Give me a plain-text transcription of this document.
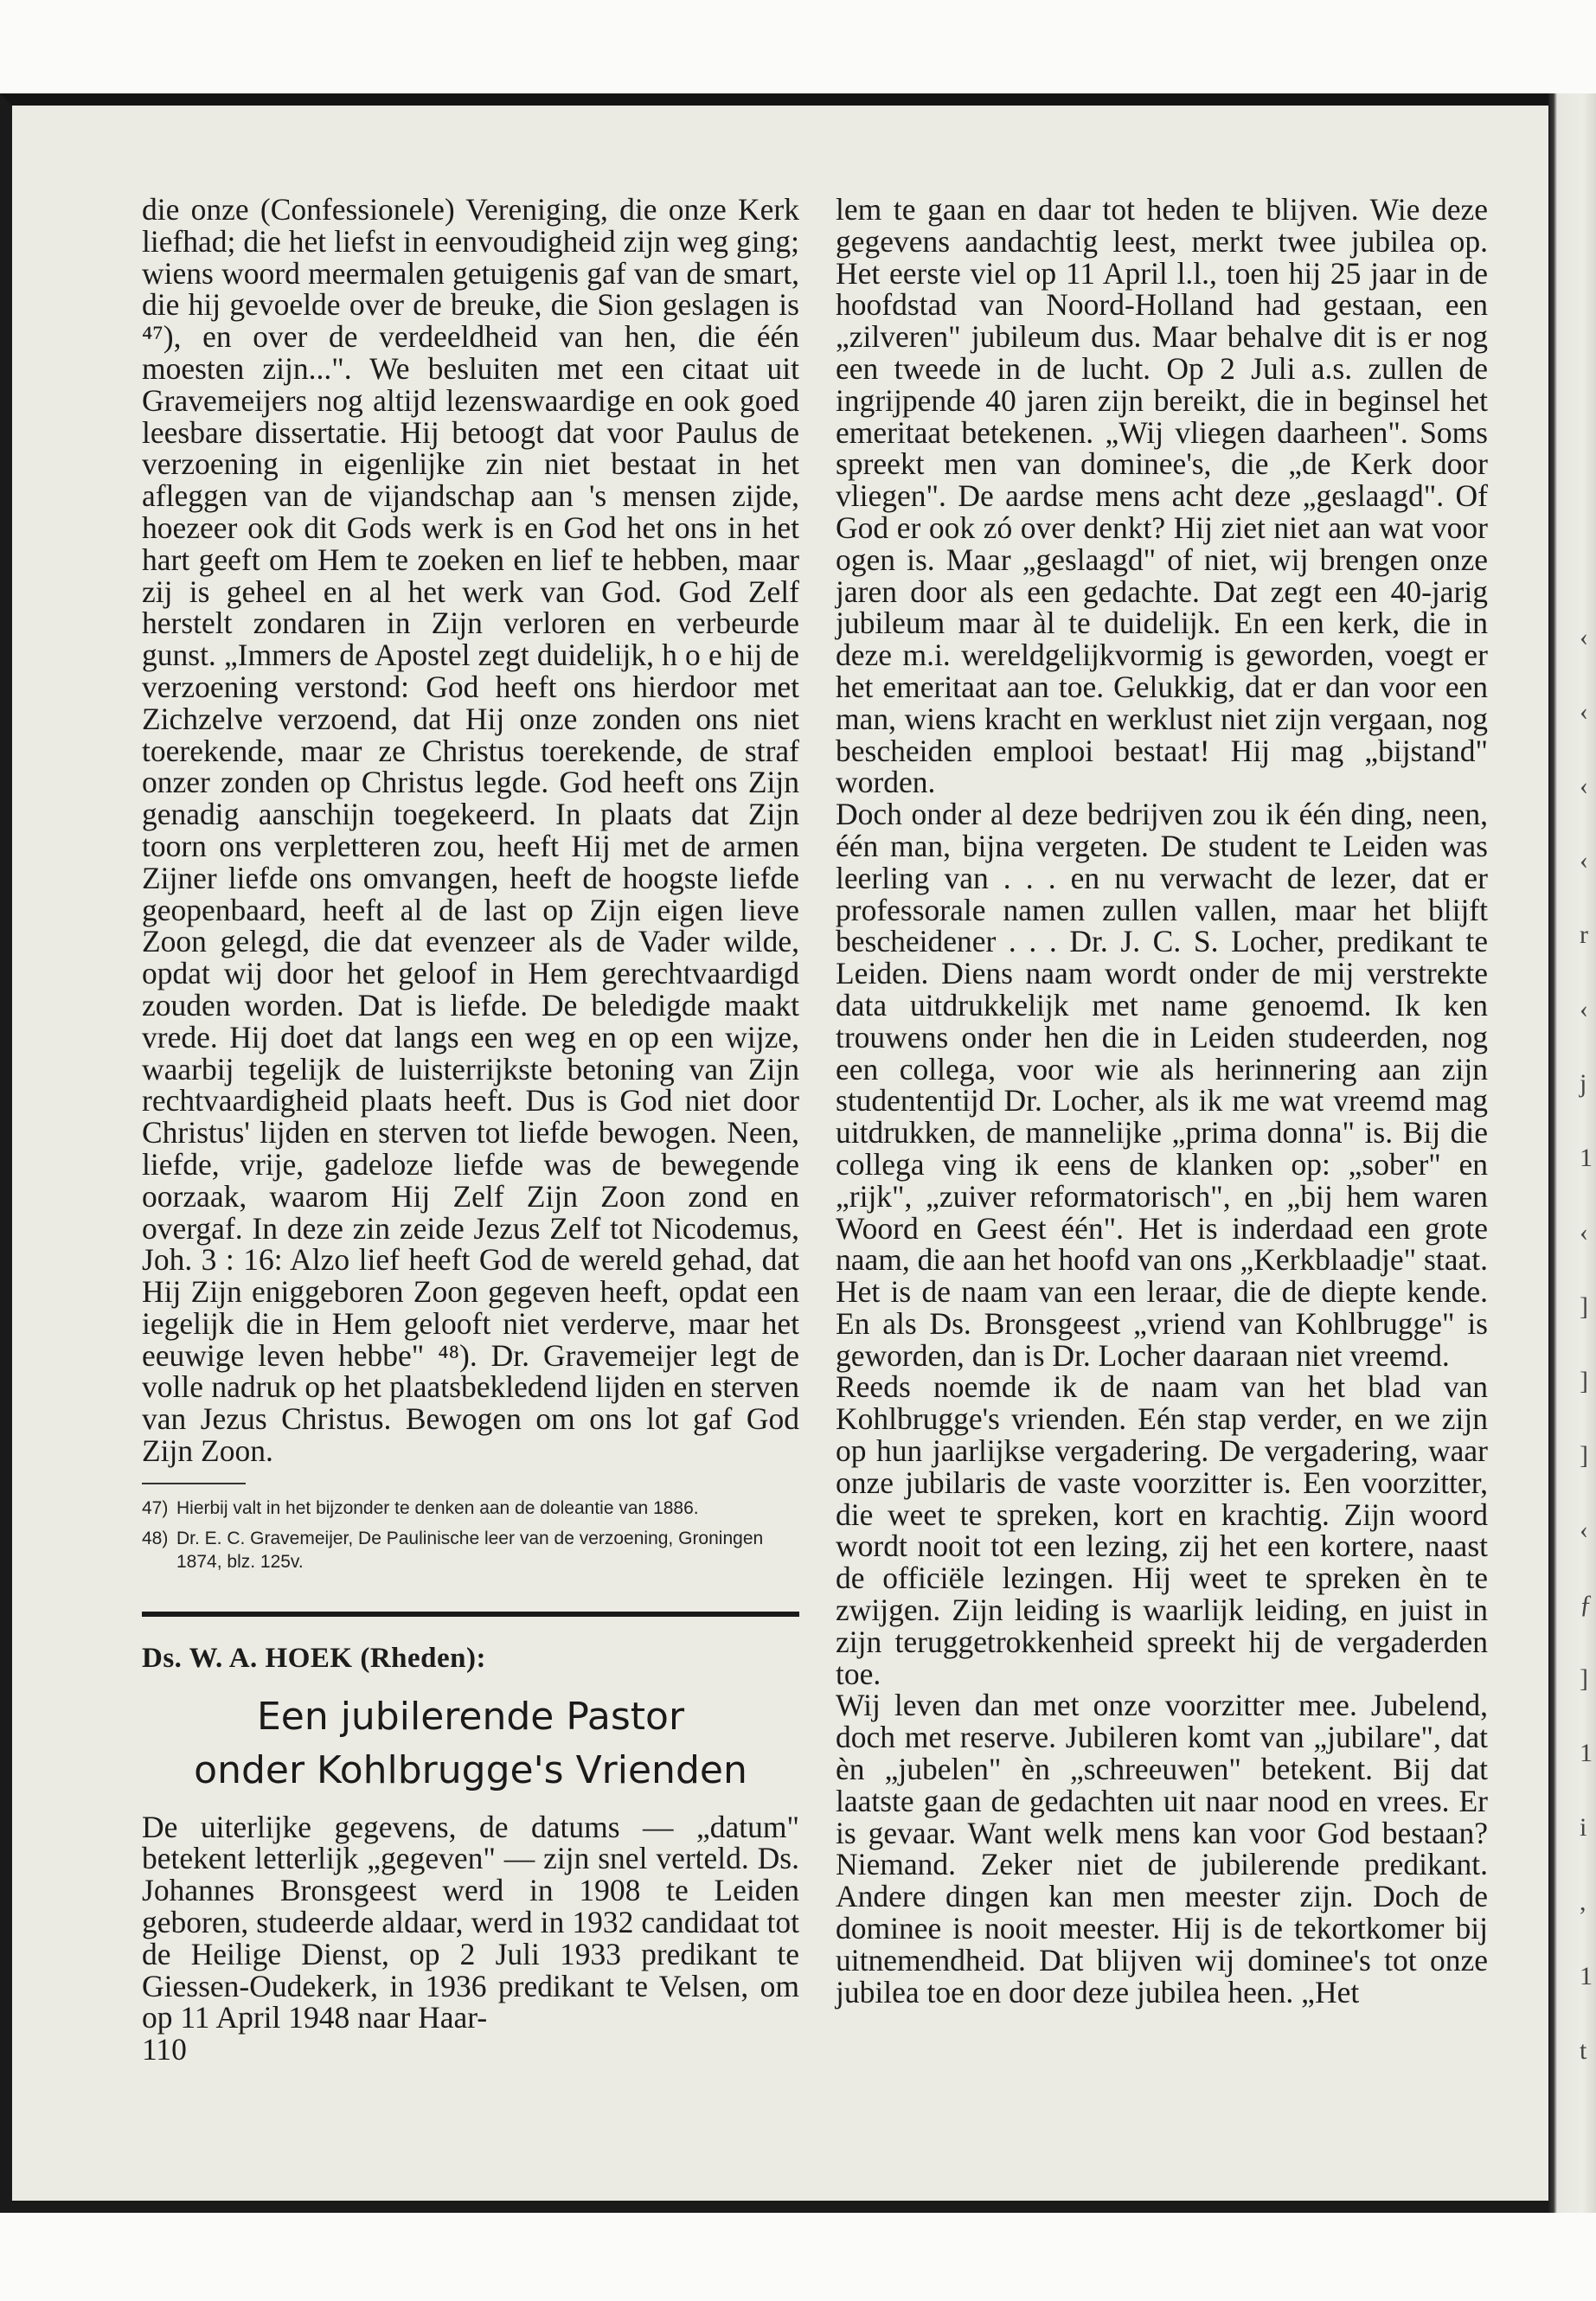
‹
‹
‹
‹
r
‹
j
1
‹
]
]
]
‹
ƒ
]
1
i
,
1
t

die onze (Confessionele) Vereniging, die onze Kerk liefhad; die het liefst in eenvoudigheid zijn weg ging; wiens woord meermalen getuigenis gaf van de smart, die hij gevoelde over de breuke, die Sion geslagen is ⁴⁷), en over de verdeeldheid van hen, die één moesten zijn...". We besluiten met een citaat uit Gravemeijers nog altijd lezenswaardige en ook goed leesbare dissertatie. Hij betoogt dat voor Paulus de verzoening in eigenlijke zin niet bestaat in het afleggen van de vijandschap aan 's mensen zijde, hoezeer ook dit Gods werk is en God het ons in het hart geeft om Hem te zoeken en lief te hebben, maar zij is geheel en al het werk van God. God Zelf herstelt zondaren in Zijn verloren en verbeurde gunst. „Immers de Apostel zegt duidelijk, h o e hij de verzoening verstond: God heeft ons hierdoor met Zichzelve verzoend, dat Hij onze zonden ons niet toerekende, maar ze Christus toerekende, de straf onzer zonden op Christus legde. God heeft ons Zijn genadig aanschijn toegekeerd. In plaats dat Zijn toorn ons verpletteren zou, heeft Hij met de armen Zijner liefde ons omvangen, heeft de hoogste liefde geopenbaard, heeft al de last op Zijn eigen lieve Zoon gelegd, die dat evenzeer als de Vader wilde, opdat wij door het geloof in Hem gerechtvaardigd zouden worden. Dat is liefde. De beledigde maakt vrede. Hij doet dat langs een weg en op een wijze, waarbij tegelijk de luisterrijkste betoning van Zijn rechtvaardigheid plaats heeft. Dus is God niet door Christus' lijden en sterven tot liefde bewogen. Neen, liefde, vrije, gadeloze liefde was de bewegende oorzaak, waarom Hij Zelf Zijn Zoon zond en overgaf. In deze zin zeide Jezus Zelf tot Nicodemus, Joh. 3 : 16: Alzo lief heeft God de wereld gehad, dat Hij Zijn eniggeboren Zoon gegeven heeft, opdat een iegelijk die in Hem gelooft niet verderve, maar het eeuwige leven hebbe" ⁴⁸). Dr. Gravemeijer legt de volle nadruk op het plaatsbekledend lijden en sterven van Jezus Christus. Bewogen om ons lot gaf God Zijn Zoon.

47) Hierbij valt in het bijzonder te denken aan de doleantie van 1886.
48) Dr. E. C. Gravemeijer, De Paulinische leer van de verzoening, Groningen 1874, blz. 125v.
Ds. W. A. HOEK (Rheden):
Een jubilerende Pastor
onder Kohlbrugge's Vrienden

De uiterlijke gegevens, de datums — „datum" betekent letterlijk „gegeven" — zijn snel verteld. Ds. Johannes Bronsgeest werd in 1908 te Leiden geboren, studeerde aldaar, werd in 1932 candidaat tot de Heilige Dienst, op 2 Juli 1933 predikant te Giessen-Oudekerk, in 1936 predikant te Velsen, om op 11 April 1948 naar Haar-

110

lem te gaan en daar tot heden te blijven. Wie deze gegevens aandachtig leest, merkt twee jubilea op. Het eerste viel op 11 April l.l., toen hij 25 jaar in de hoofdstad van Noord-Holland had gestaan, een „zilveren" jubileum dus. Maar behalve dit is er nog een tweede in de lucht. Op 2 Juli a.s. zullen de ingrijpende 40 jaren zijn bereikt, die in beginsel het emeritaat betekenen. „Wij vliegen daarheen". Soms spreekt men van dominee's, die „de Kerk door vliegen". De aardse mens acht deze „geslaagd". Of God er ook zó over denkt? Hij ziet niet aan wat voor ogen is. Maar „geslaagd" of niet, wij brengen onze jaren door als een gedachte. Dat zegt een 40-jarig jubileum maar àl te duidelijk. En een kerk, die in deze m.i. wereldgelijkvormig is geworden, voegt er het emeritaat aan toe. Gelukkig, dat er dan voor een man, wiens kracht en werklust niet zijn vergaan, nog bescheiden emplooi bestaat! Hij mag „bijstand" worden.

Doch onder al deze bedrijven zou ik één ding, neen, één man, bijna vergeten. De student te Leiden was leerling van . . . en nu verwacht de lezer, dat er professorale namen zullen vallen, maar het blijft bescheidener . . . Dr. J. C. S. Locher, predikant te Leiden. Diens naam wordt onder de mij verstrekte data uitdrukkelijk met name genoemd. Ik ken trouwens onder hen die in Leiden studeerden, nog een collega, voor wie als herinnering aan zijn studententijd Dr. Locher, als ik me wat vreemd mag uitdrukken, de mannelijke „prima donna" is. Bij die collega ving ik eens de klanken op: „sober" en „rijk", „zuiver reformatorisch", en „bij hem waren Woord en Geest één". Het is inderdaad een grote naam, die aan het hoofd van ons „Kerkblaadje" staat. Het is de naam van een leraar, die de diepte kende. En als Ds. Bronsgeest „vriend van Kohlbrugge" is geworden, dan is Dr. Locher daaraan niet vreemd.

Reeds noemde ik de naam van het blad van Kohlbrugge's vrienden. Eén stap verder, en we zijn op hun jaarlijkse vergadering. De vergadering, waar onze jubilaris de vaste voorzitter is. Een voorzitter, die weet te spreken, kort en krachtig. Zijn woord wordt nooit tot een lezing, zij het een kortere, naast de officiële lezingen. Hij weet te spreken èn te zwijgen. Zijn leiding is waarlijk leiding, en juist in zijn teruggetrokkenheid spreekt hij de vergaderden toe.

Wij leven dan met onze voorzitter mee. Jubelend, doch met reserve. Jubileren komt van „jubilare", dat èn „jubelen" èn „schreeuwen" betekent. Bij dat laatste gaan de gedachten uit naar nood en vrees. Er is gevaar. Want welk mens kan voor God bestaan? Niemand. Zeker niet de jubilerende predikant. Andere dingen kan men meester zijn. Doch de dominee is nooit meester. Hij is de tekortkomer bij uitnemendheid. Dat blijven wij dominee's tot onze jubilea toe en door deze jubilea heen. „Het
